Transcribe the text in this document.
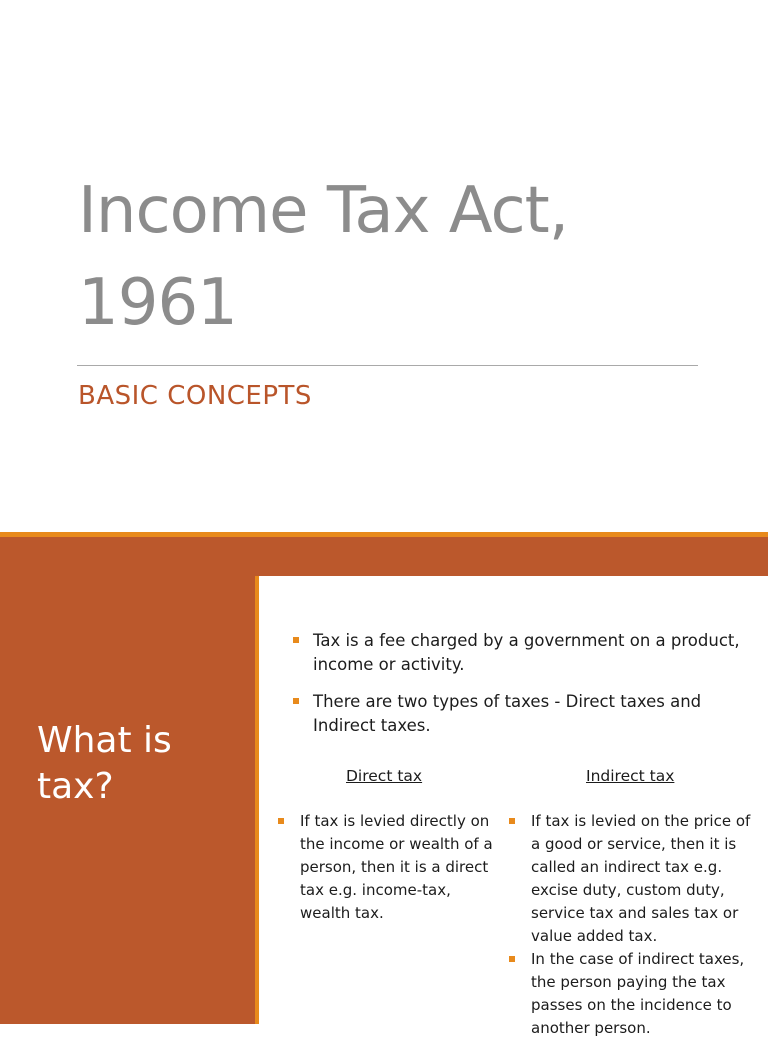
Income Tax Act,
1961
BASIC CONCEPTS
What is
tax?
Tax is a fee charged by a government on a product, income or activity.
There are two types of taxes - Direct taxes and Indirect taxes.
Direct tax	Indirect tax
If tax is levied directly on the income or wealth of a person, then it is a direct tax e.g. income-tax, wealth tax.
If tax is levied on the price of a good or service, then it is called an indirect tax e.g. excise duty, custom duty, service tax and sales tax or value added tax.
In the case of indirect taxes, the person paying the tax passes on the incidence to another person.
